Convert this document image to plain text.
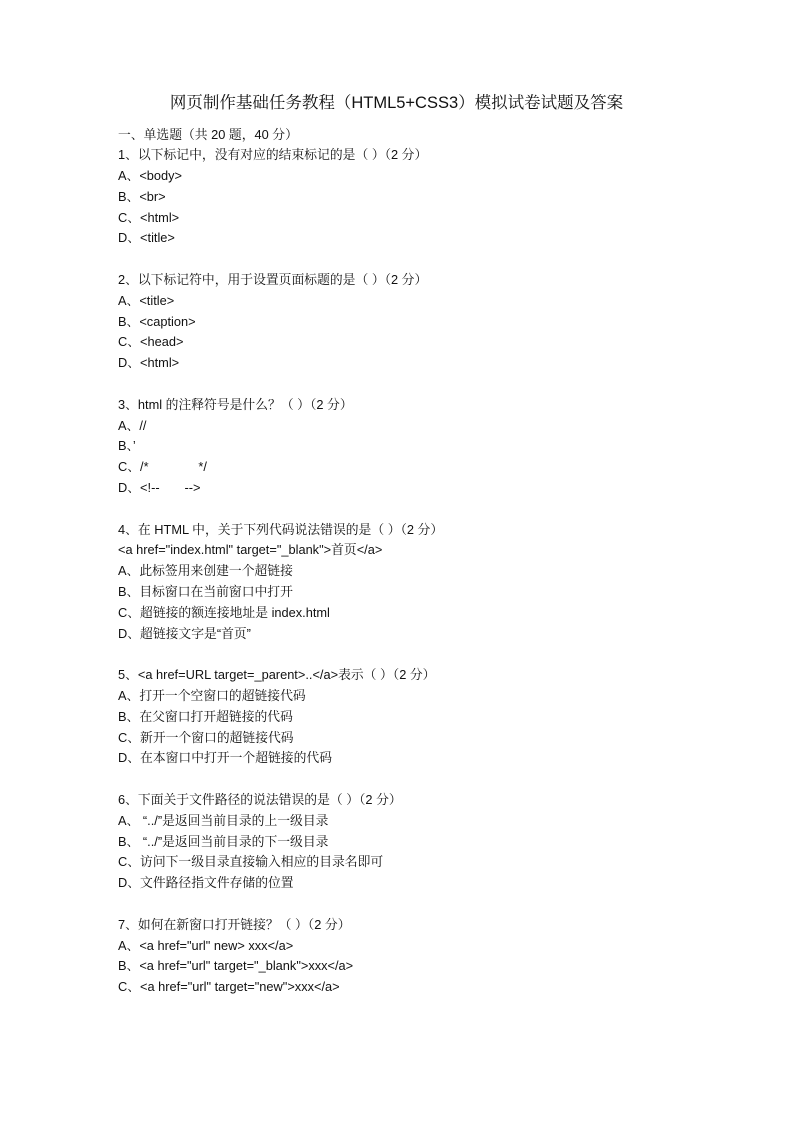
网页制作基础任务教程（HTML5+CSS3）模拟试卷试题及答案
一、单选题（共 20 题，40 分）
1、以下标记中，没有对应的结束标记的是（ ）（2 分）
A、<body>
B、<br>
C、<html>
D、<title>
2、以下标记符中，用于设置页面标题的是（ ）（2 分）
A、<title>
B、<caption>
C、<head>
D、<html>
3、html 的注释符号是什么？（ ）（2 分）
A、//
B、’
C、/*              */
D、<!--       -->
4、在 HTML 中，关于下列代码说法错误的是（ ）（2 分）
<a href="index.html" target="_blank">首页</a>
A、此标签用来创建一个超链接
B、目标窗口在当前窗口中打开
C、超链接的额连接地址是 index.html
D、超链接文字是“首页”
5、<a href=URL target=_parent>..</a>表示（ ）（2 分）
A、打开一个空窗口的超链接代码
B、在父窗口打开超链接的代码
C、新开一个窗口的超链接代码
D、在本窗口中打开一个超链接的代码
6、下面关于文件路径的说法错误的是（ ）（2 分）
A、 “../”是返回当前目录的上一级目录
B、 “../”是返回当前目录的下一级目录
C、访问下一级目录直接输入相应的目录名即可
D、文件路径指文件存储的位置
7、如何在新窗口打开链接？（ ）（2 分）
A、<a href="url" new> xxx</a>
B、<a href="url" target="_blank">xxx</a>
C、<a href="url" target="new">xxx</a>
